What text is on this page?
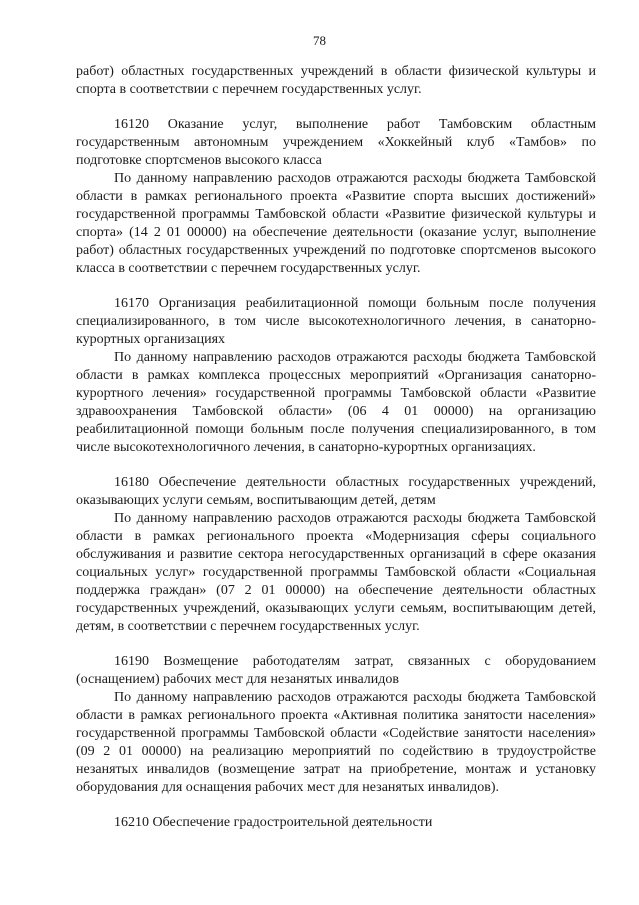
78

работ) областных государственных учреждений в области физической культуры и спорта в соответствии с перечнем государственных услуг.

16120 Оказание услуг, выполнение работ Тамбовским областным государственным автономным учреждением «Хоккейный клуб «Тамбов» по подготовке спортсменов высокого класса

По данному направлению расходов отражаются расходы бюджета Тамбовской области в рамках регионального проекта «Развитие спорта высших достижений» государственной программы Тамбовской области «Развитие физической культуры и спорта» (14 2 01 00000) на обеспечение деятельности (оказание услуг, выполнение работ) областных государственных учреждений по подготовке спортсменов высокого класса в соответствии с перечнем государственных услуг.

16170 Организация реабилитационной помощи больным после получения специализированного, в том числе высокотехнологичного лечения, в санаторно-курортных организациях

По данному направлению расходов отражаются расходы бюджета Тамбовской области в рамках комплекса процессных мероприятий «Организация санаторно-курортного лечения» государственной программы Тамбовской области «Развитие здравоохранения Тамбовской области» (06 4 01 00000) на организацию реабилитационной помощи больным после получения специализированного, в том числе высокотехнологичного лечения, в санаторно-курортных организациях.

16180 Обеспечение деятельности областных государственных учреждений, оказывающих услуги семьям, воспитывающим детей, детям

По данному направлению расходов отражаются расходы бюджета Тамбовской области в рамках регионального проекта «Модернизация сферы социального обслуживания и развитие сектора негосударственных организаций в сфере оказания социальных услуг» государственной программы Тамбовской области «Социальная поддержка граждан» (07 2 01 00000) на обеспечение деятельности областных государственных учреждений, оказывающих услуги семьям, воспитывающим детей, детям, в соответствии с перечнем государственных услуг.

16190 Возмещение работодателям затрат, связанных с оборудованием (оснащением) рабочих мест для незанятых инвалидов

По данному направлению расходов отражаются расходы бюджета Тамбовской области в рамках регионального проекта «Активная политика занятости населения» государственной программы Тамбовской области «Содействие занятости населения» (09 2 01 00000) на реализацию мероприятий по содействию в трудоустройстве незанятых инвалидов (возмещение затрат на приобретение, монтаж и установку оборудования для оснащения рабочих мест для незанятых инвалидов).

16210 Обеспечение градостроительной деятельности
